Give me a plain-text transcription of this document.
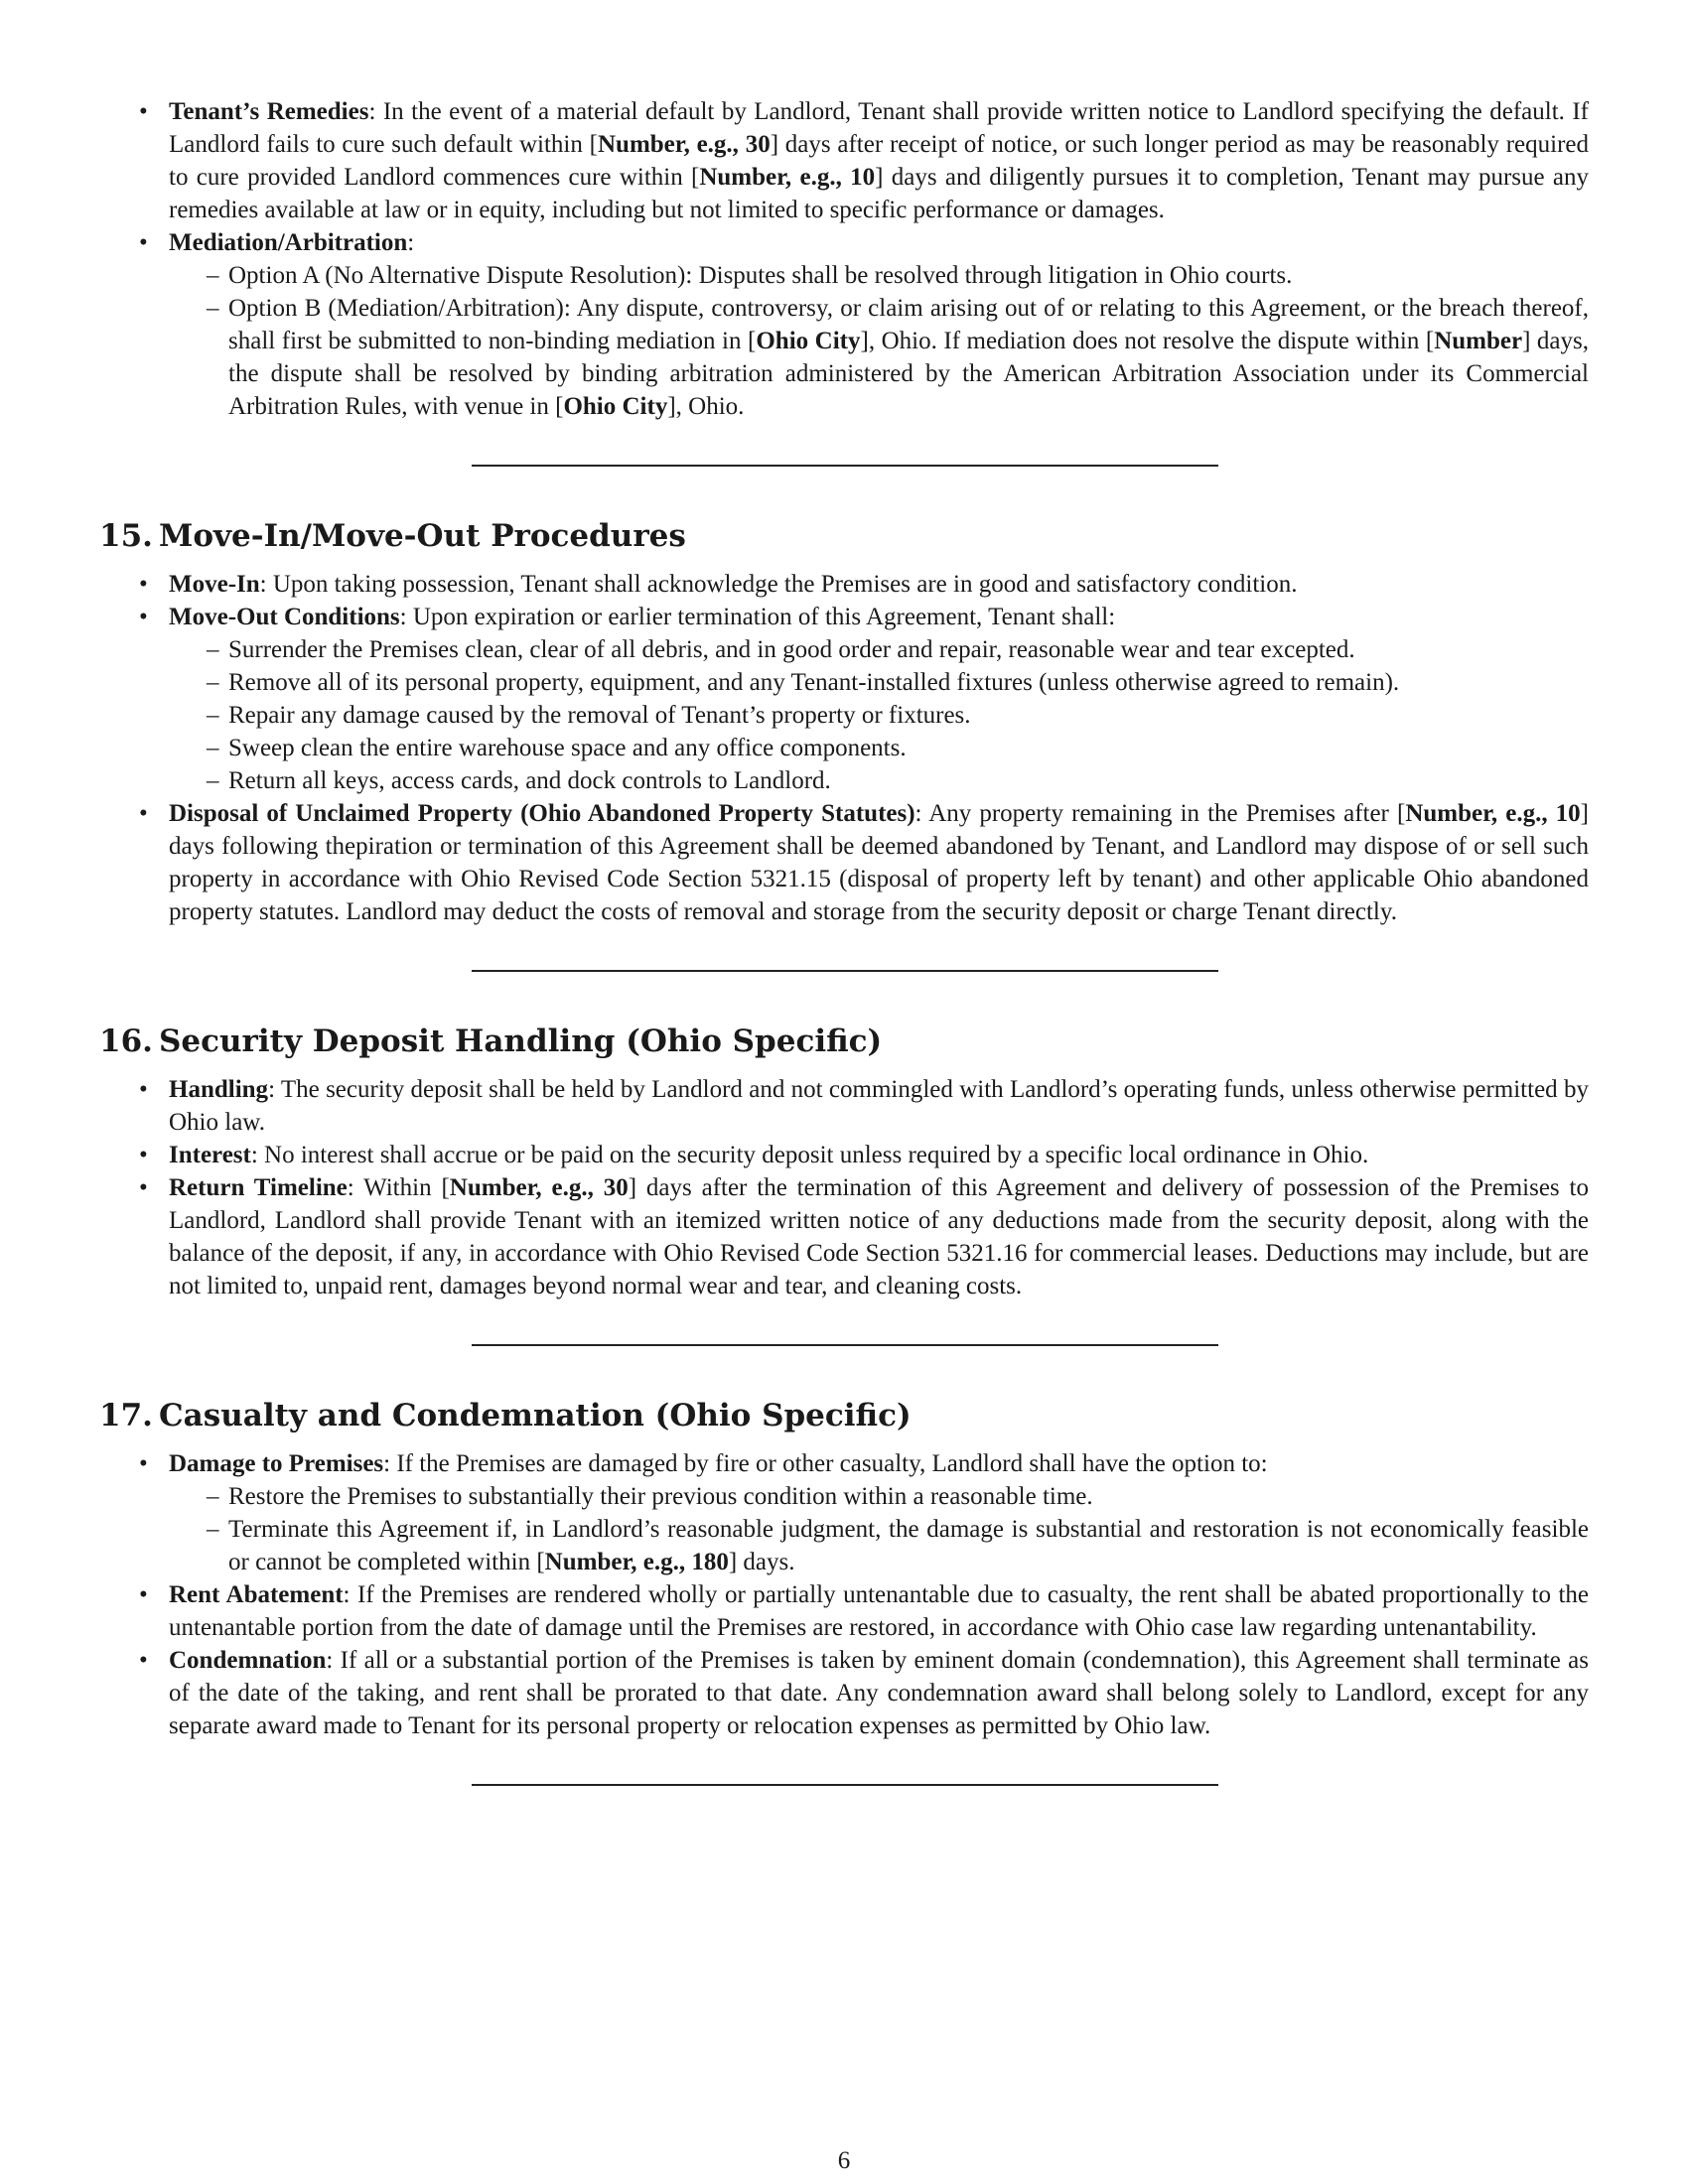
• Tenant’s Remedies: In the event of a material default by Landlord, Tenant shall provide written notice to Landlord specifying the default. If Landlord fails to cure such default within [Number, e.g., 30] days after receipt of notice, or such longer period as may be reasonably required to cure provided Landlord commences cure within [Number, e.g., 10] days and diligently pursues it to completion, Tenant may pursue any remedies available at law or in equity, including but not limited to specific performance or damages.
• Mediation/Arbitration:
– Option A (No Alternative Dispute Resolution): Disputes shall be resolved through litigation in Ohio courts.
– Option B (Mediation/Arbitration): Any dispute, controversy, or claim arising out of or relating to this Agreement, or the breach thereof, shall first be submitted to non-binding mediation in [Ohio City], Ohio. If mediation does not resolve the dispute within [Number] days, the dispute shall be resolved by binding arbitration administered by the American Arbitration Association under its Commercial Arbitration Rules, with venue in [Ohio City], Ohio.
15. Move-In/Move-Out Procedures
• Move-In: Upon taking possession, Tenant shall acknowledge the Premises are in good and satisfactory condition.
• Move-Out Conditions: Upon expiration or earlier termination of this Agreement, Tenant shall:
– Surrender the Premises clean, clear of all debris, and in good order and repair, reasonable wear and tear excepted.
– Remove all of its personal property, equipment, and any Tenant-installed fixtures (unless otherwise agreed to remain).
– Repair any damage caused by the removal of Tenant’s property or fixtures.
– Sweep clean the entire warehouse space and any office components.
– Return all keys, access cards, and dock controls to Landlord.
• Disposal of Unclaimed Property (Ohio Abandoned Property Statutes): Any property remaining in the Premises after [Number, e.g., 10] days following thepiration or termination of this Agreement shall be deemed abandoned by Tenant, and Landlord may dispose of or sell such property in accordance with Ohio Revised Code Section 5321.15 (disposal of property left by tenant) and other applicable Ohio abandoned property statutes. Landlord may deduct the costs of removal and storage from the security deposit or charge Tenant directly.
16. Security Deposit Handling (Ohio Specific)
• Handling: The security deposit shall be held by Landlord and not commingled with Landlord’s operating funds, unless otherwise permitted by Ohio law.
• Interest: No interest shall accrue or be paid on the security deposit unless required by a specific local ordinance in Ohio.
• Return Timeline: Within [Number, e.g., 30] days after the termination of this Agreement and delivery of possession of the Premises to Landlord, Landlord shall provide Tenant with an itemized written notice of any deductions made from the security deposit, along with the balance of the deposit, if any, in accordance with Ohio Revised Code Section 5321.16 for commercial leases. Deductions may include, but are not limited to, unpaid rent, damages beyond normal wear and tear, and cleaning costs.
17. Casualty and Condemnation (Ohio Specific)
• Damage to Premises: If the Premises are damaged by fire or other casualty, Landlord shall have the option to:
– Restore the Premises to substantially their previous condition within a reasonable time.
– Terminate this Agreement if, in Landlord’s reasonable judgment, the damage is substantial and restoration is not economically feasible or cannot be completed within [Number, e.g., 180] days.
• Rent Abatement: If the Premises are rendered wholly or partially untenantable due to casualty, the rent shall be abated proportionally to the untenantable portion from the date of damage until the Premises are restored, in accordance with Ohio case law regarding untenantability.
• Condemnation: If all or a substantial portion of the Premises is taken by eminent domain (condemnation), this Agreement shall terminate as of the date of the taking, and rent shall be prorated to that date. Any condemnation award shall belong solely to Landlord, except for any separate award made to Tenant for its personal property or relocation expenses as permitted by Ohio law.
6
